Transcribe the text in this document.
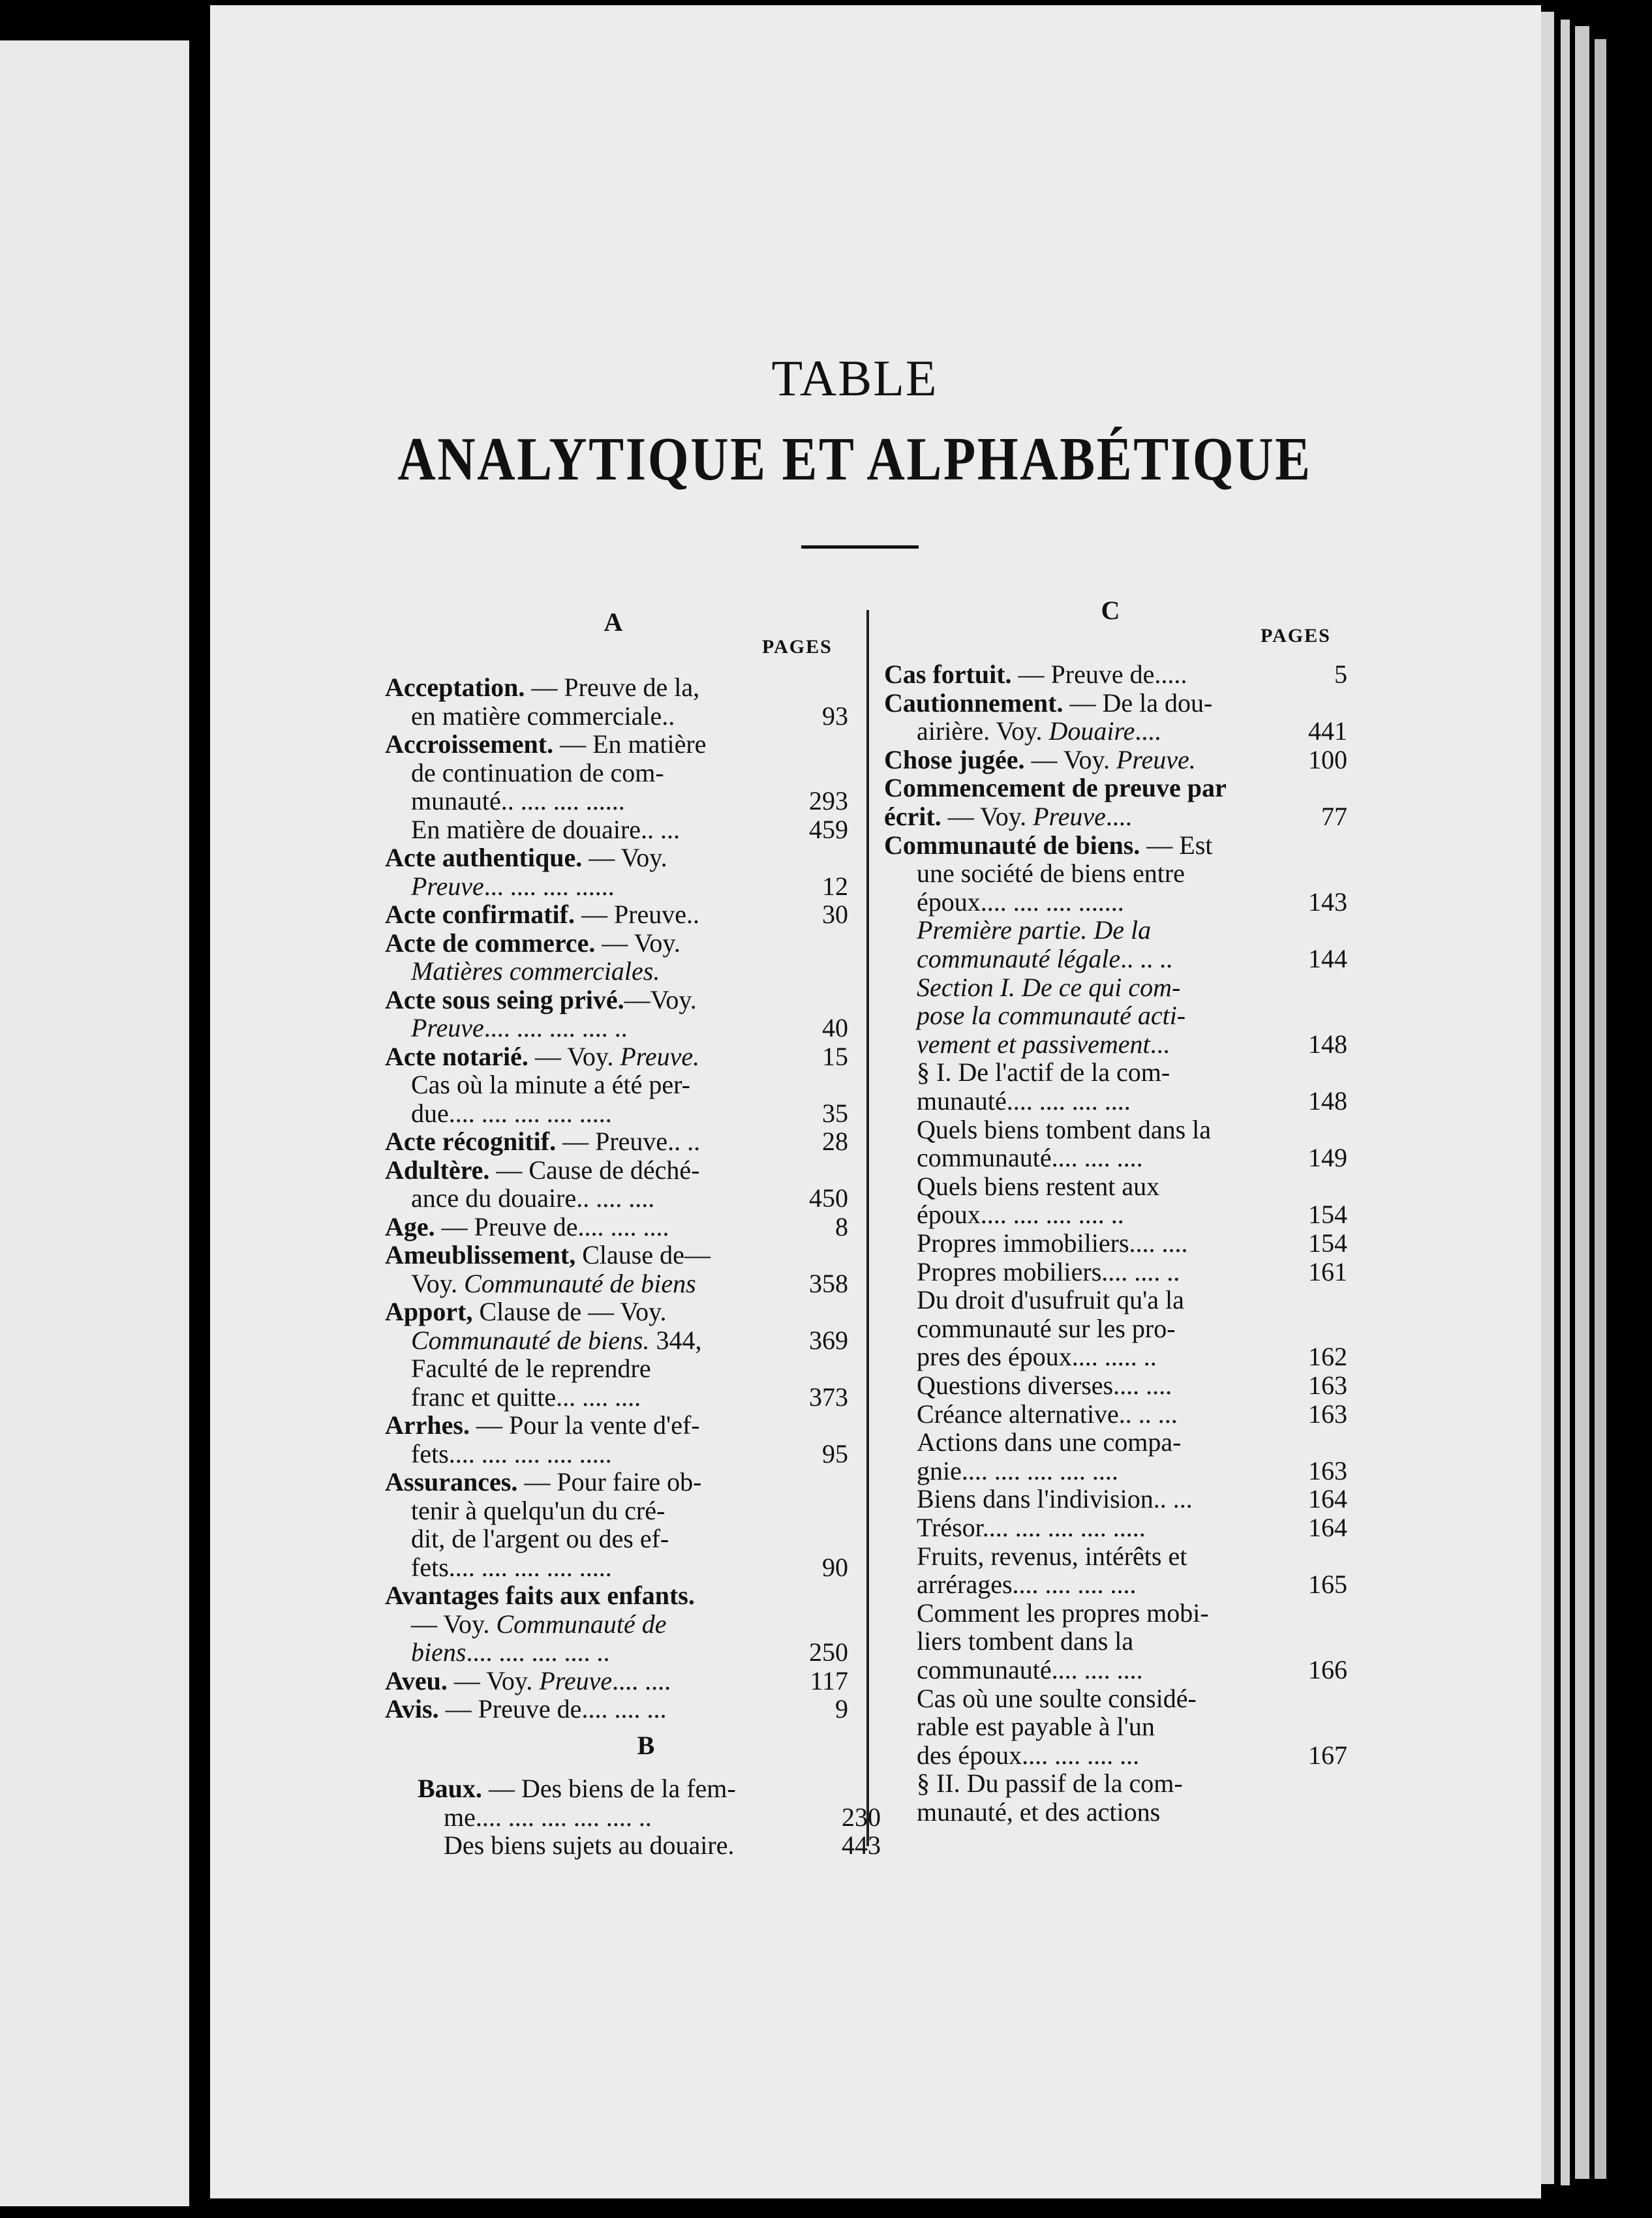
TABLE
ANALYTIQUE ET ALPHABÉTIQUE
A
PAGES
C
PAGES
B
Acceptation. — Preuve de la,
en matière commerciale..	93
Accroissement. — En matière
de continuation de com-
munauté.. .... .... ......	293
En matière de douaire.. ...	459
Acte authentique. — Voy.
Preuve... .... .... ......	12
Acte confirmatif. — Preuve..	30
Acte de commerce. — Voy.
Matières commerciales.
Acte sous seing privé.—Voy.
Preuve.... .... .... .... ..	40
Acte notarié. — Voy. Preuve.	15
Cas où la minute a été per-
due.... .... .... .... .....	35
Acte récognitif. — Preuve.. ..	28
Adultère. — Cause de déché-
ance du douaire.. .... ....	450
Age. — Preuve de.... .... ....	8
Ameublissement, Clause de—
Voy. Communauté de biens	358
Apport, Clause de — Voy.
Communauté de biens. 344,	369
Faculté de le reprendre
franc et quitte... .... ....	373
Arrhes. — Pour la vente d'ef-
fets.... .... .... .... .....	95
Assurances. — Pour faire ob-
tenir à quelqu'un du cré-
dit, de l'argent ou des ef-
fets.... .... .... .... .....	90
Avantages faits aux enfants.
— Voy. Communauté de
biens.... .... .... .... ..	250
Aveu. — Voy. Preuve.... ....	117
Avis. — Preuve de.... .... ...	9
Baux. — Des biens de la fem-
me.... .... .... .... .... ..	230
Des biens sujets au douaire.	443
Cas fortuit. — Preuve de.....	5
Cautionnement. — De la dou-
airière. Voy. Douaire....	441
Chose jugée. — Voy. Preuve.	100
Commencement de preuve par
écrit. — Voy. Preuve....	77
Communauté de biens. — Est
une société de biens entre
époux.... .... .... .......	143
Première partie. De la
communauté légale.. .. ..	144
Section I. De ce qui com-
pose la communauté acti-
vement et passivement...	148
§ I. De l'actif de la com-
munauté.... .... .... ....	148
Quels biens tombent dans la
communauté.... .... ....	149
Quels biens restent aux
époux.... .... .... .... ..	154
Propres immobiliers.... ....	154
Propres mobiliers.... .... ..	161
Du droit d'usufruit qu'a la
communauté sur les pro-
pres des époux.... ..... ..	162
Questions diverses.... ....	163
Créance alternative.. .. ...	163
Actions dans une compa-
gnie.... .... .... .... ....	163
Biens dans l'indivision.. ...	164
Trésor.... .... .... .... .....	164
Fruits, revenus, intérêts et
arrérages.... .... .... ....	165
Comment les propres mobi-
liers tombent dans la
communauté.... .... ....	166
Cas où une soulte considé-
rable est payable à l'un
des époux.... .... .... ...	167
§ II. Du passif de la com-
munauté, et des actions
